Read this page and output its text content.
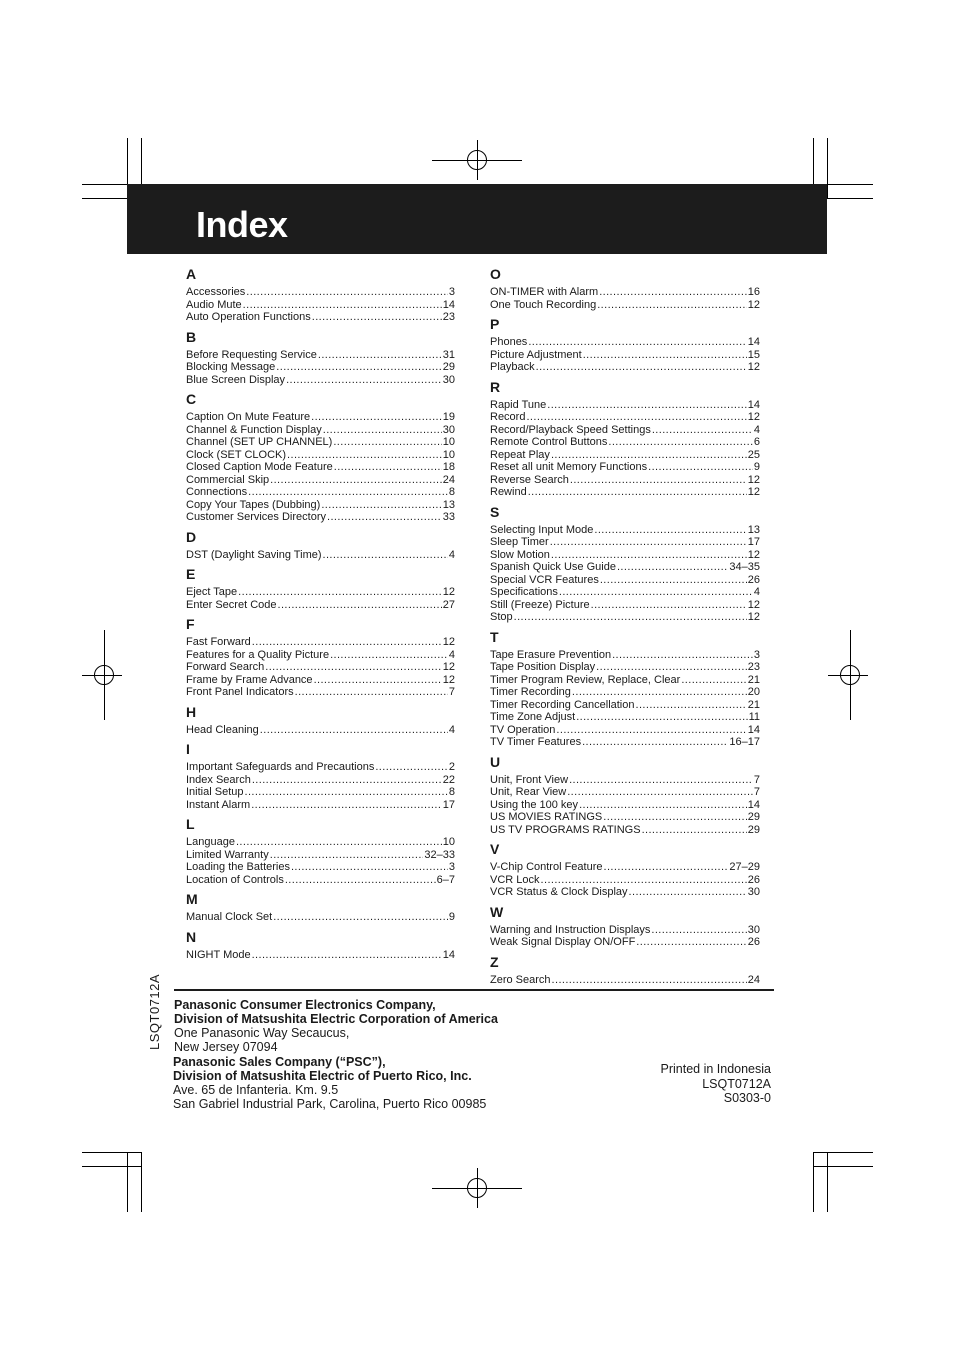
Index
A
Accessories .....	3
Audio Mute .....	14
Auto Operation Functions .....	23
B
Before Requesting Service .....	31
Blocking Message .....	29
Blue Screen Display .....	30
C
Caption On Mute Feature .....	19
Channel & Function Display .....	30
Channel (SET UP CHANNEL) .....	10
Clock (SET CLOCK) .....	10
Closed Caption Mode Feature .....	18
Commercial Skip .....	24
Connections .....	8
Copy Your Tapes (Dubbing) .....	13
Customer Services Directory .....	33
D
DST (Daylight Saving Time) .....	4
E
Eject Tape .....	12
Enter Secret Code .....	27
F
Fast Forward .....	12
Features for a Quality Picture .....	4
Forward Search .....	12
Frame by Frame Advance .....	12
Front Panel Indicators .....	7
H
Head Cleaning .....	4
I
Important Safeguards and Precautions .....	2
Index Search .....	22
Initial Setup .....	8
Instant Alarm .....	17
L
Language .....	10
Limited Warranty .....	32–33
Loading the Batteries .....	3
Location of Controls .....	6–7
M
Manual Clock Set .....	9
N
NIGHT Mode .....	14
O
ON-TIMER with Alarm .....	16
One Touch Recording .....	12
P
Phones .....	14
Picture Adjustment .....	15
Playback .....	12
R
Rapid Tune .....	14
Record .....	12
Record/Playback Speed Settings .....	4
Remote Control Buttons .....	6
Repeat Play .....	25
Reset all unit Memory Functions .....	9
Reverse Search .....	12
Rewind .....	12
S
Selecting Input Mode .....	13
Sleep Timer .....	17
Slow Motion .....	12
Spanish Quick Use Guide .....	34–35
Special VCR Features .....	26
Specifications .....	4
Still (Freeze) Picture .....	12
Stop .....	12
T
Tape Erasure Prevention .....	3
Tape Position Display .....	23
Timer Program Review, Replace, Clear .....	21
Timer Recording .....	20
Timer Recording Cancellation .....	21
Time Zone Adjust .....	11
TV Operation .....	14
TV Timer Features .....	16–17
U
Unit, Front View .....	7
Unit, Rear View .....	7
Using the 100 key .....	14
US MOVIES RATINGS .....	29
US TV PROGRAMS RATINGS .....	29
V
V-Chip Control Feature .....	27–29
VCR Lock .....	26
VCR Status & Clock Display .....	30
W
Warning and Instruction Displays .....	30
Weak Signal Display ON/OFF .....	26
Z
Zero Search .....	24
LSQT0712A Panasonic Consumer Electronics Company,
Division of Matsushita Electric Corporation of America
One Panasonic Way Secaucus,
New Jersey 07094
Panasonic Sales Company (“PSC”),
Division of Matsushita Electric of Puerto Rico, Inc.
Ave. 65 de Infanteria. Km. 9.5
San Gabriel Industrial Park, Carolina, Puerto Rico 00985
Printed in Indonesia
LSQT0712A
S0303-0
